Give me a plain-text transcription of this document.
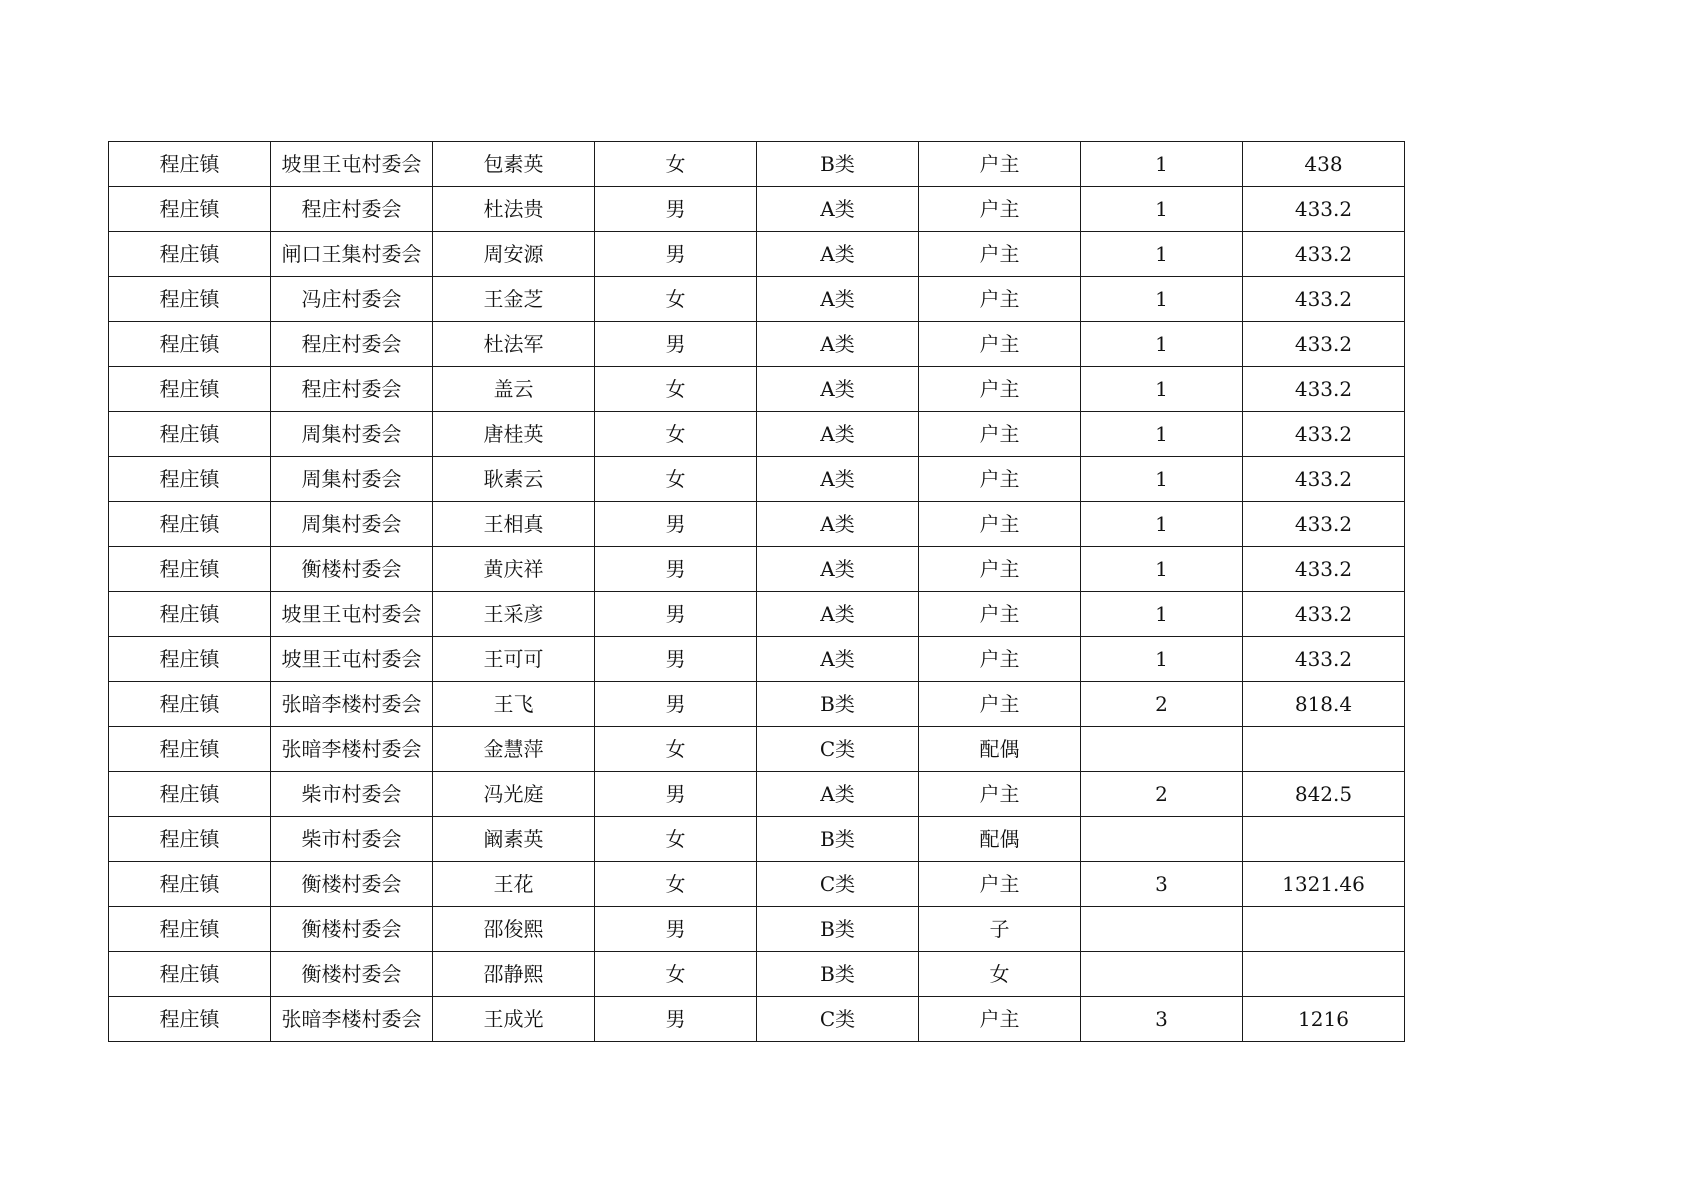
程庄镇	坡里王屯村委会	包素英	女	B类	户主	1	438
程庄镇	程庄村委会	杜法贵	男	A类	户主	1	433.2
程庄镇	闸口王集村委会	周安源	男	A类	户主	1	433.2
程庄镇	冯庄村委会	王金芝	女	A类	户主	1	433.2
程庄镇	程庄村委会	杜法军	男	A类	户主	1	433.2
程庄镇	程庄村委会	盖云	女	A类	户主	1	433.2
程庄镇	周集村委会	唐桂英	女	A类	户主	1	433.2
程庄镇	周集村委会	耿素云	女	A类	户主	1	433.2
程庄镇	周集村委会	王相真	男	A类	户主	1	433.2
程庄镇	衡楼村委会	黄庆祥	男	A类	户主	1	433.2
程庄镇	坡里王屯村委会	王采彦	男	A类	户主	1	433.2
程庄镇	坡里王屯村委会	王可可	男	A类	户主	1	433.2
程庄镇	张暗李楼村委会	王飞	男	B类	户主	2	818.4
程庄镇	张暗李楼村委会	金慧萍	女	C类	配偶		
程庄镇	柴市村委会	冯光庭	男	A类	户主	2	842.5
程庄镇	柴市村委会	阚素英	女	B类	配偶		
程庄镇	衡楼村委会	王花	女	C类	户主	3	1321.46
程庄镇	衡楼村委会	邵俊熙	男	B类	子		
程庄镇	衡楼村委会	邵静熙	女	B类	女		
程庄镇	张暗李楼村委会	王成光	男	C类	户主	3	1216
